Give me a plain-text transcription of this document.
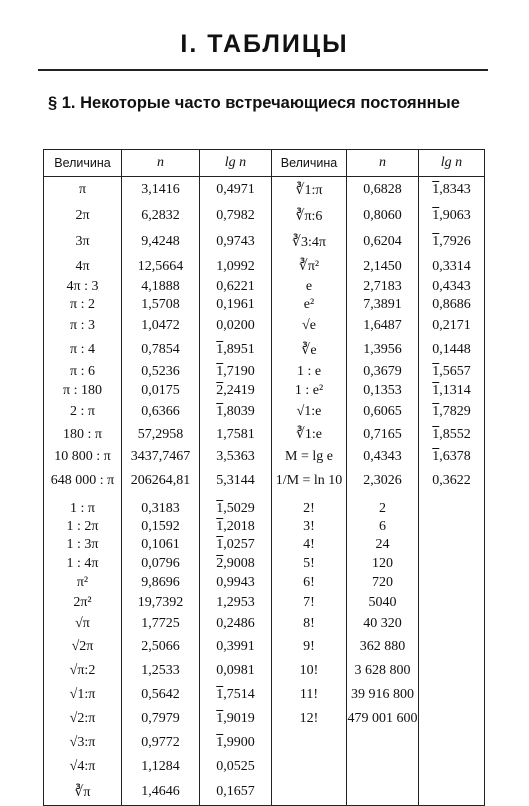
I. ТАБЛИЦЫ
§ 1. Некоторые часто встречающиеся постоянные
Величина	n	lg n	Величина	n	lg n
π	3,1416	0,4971	∛1:π	0,6828	1,8343
2π	6,2832	0,7982	∛π:6	0,8060	1,9063
3π	9,4248	0,9743	∛3:4π	0,6204	1,7926
4π	12,5664	1,0992	∛π²	2,1450	0,3314
4π : 3	4,1888	0,6221	e	2,7183	0,4343
π : 2	1,5708	0,1961	e²	7,3891	0,8686
π : 3	1,0472	0,0200	√e	1,6487	0,2171
π : 4	0,7854	1,8951	∛e	1,3956	0,1448
π : 6	0,5236	1,7190	1 : e	0,3679	1,5657
π : 180	0,0175	2,2419	1 : e²	0,1353	1,1314
2 : π	0,6366	1,8039	√1:e	0,6065	1,7829
180 : π	57,2958	1,7581	∛1:e	0,7165	1,8552
10 800 : π	3437,7467	3,5363	M = lg e	0,4343	1,6378
648 000 : π	206264,81	5,3144	1/M = ln 10	2,3026	0,3622
1 : π	0,3183	1,5029	2!	2	
1 : 2π	0,1592	1,2018	3!	6	
1 : 3π	0,1061	1,0257	4!	24	
1 : 4π	0,0796	2,9008	5!	120	
π²	9,8696	0,9943	6!	720	
2π²	19,7392	1,2953	7!	5040	
√π	1,7725	0,2486	8!	40 320	
√2π	2,5066	0,3991	9!	362 880	
√π:2	1,2533	0,0981	10!	3 628 800	
√1:π	0,5642	1,7514	11!	39 916 800	
√2:π	0,7979	1,9019	12!	479 001 600	
√3:π	0,9772	1,9900			
√4:π	1,1284	0,0525			
∛π	1,4646	0,1657			
